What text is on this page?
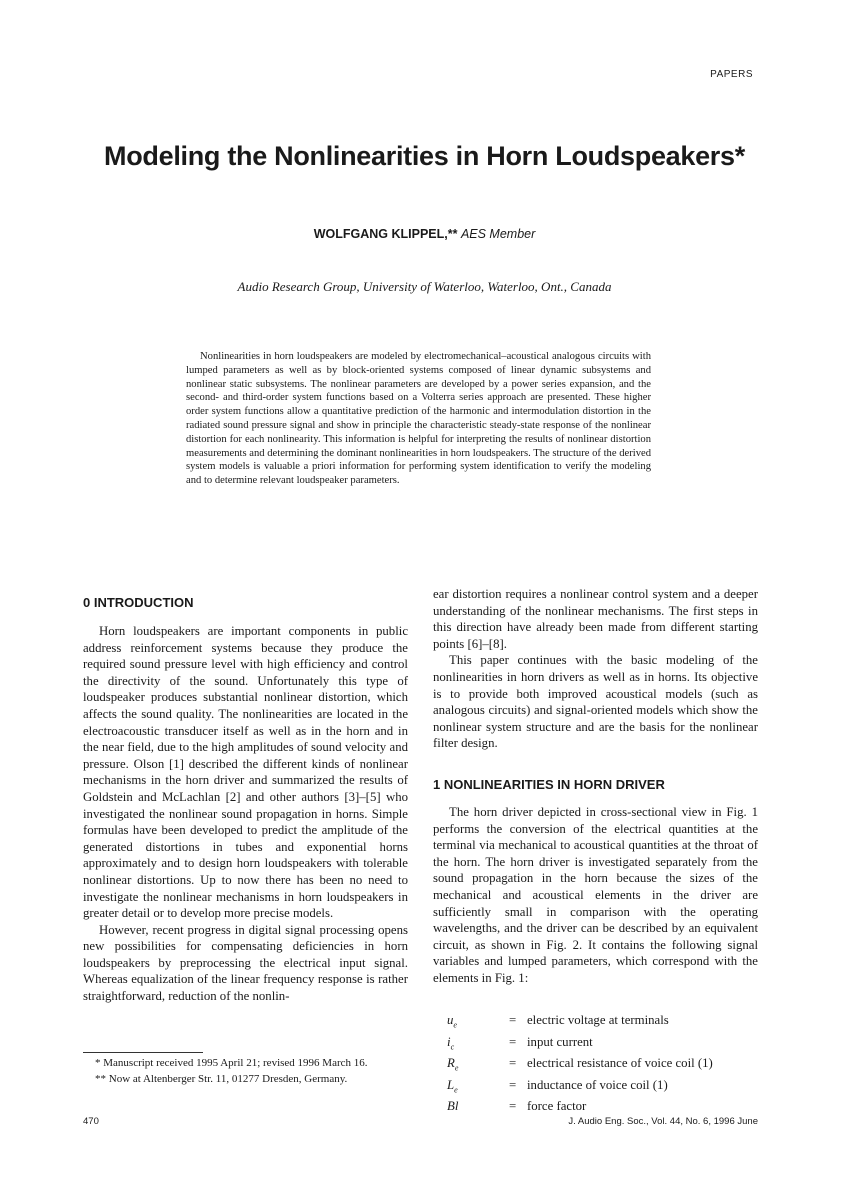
PAPERS
Modeling the Nonlinearities in Horn Loudspeakers*
WOLFGANG KLIPPEL,** AES Member
Audio Research Group, University of Waterloo, Waterloo, Ont., Canada
Nonlinearities in horn loudspeakers are modeled by electromechanical–acoustical analogous circuits with lumped parameters as well as by block-oriented systems composed of linear dynamic subsystems and nonlinear static subsystems. The nonlinear parameters are developed by a power series expansion, and the second- and third-order system functions based on a Volterra series approach are presented. These higher order system functions allow a quantitative prediction of the harmonic and intermodulation distortion in the radiated sound pressure signal and show in principle the characteristic steady-state response of the nonlinear distortion for each nonlinearity. This information is helpful for interpreting the results of nonlinear distortion measurements and determining the dominant nonlinearities in horn loudspeakers. The structure of the derived system models is valuable a priori information for performing system identification to verify the modeling and to determine relevant loudspeaker parameters.
0 INTRODUCTION

Horn loudspeakers are important components in public address reinforcement systems because they produce the required sound pressure level with high efficiency and control the directivity of the sound. Unfortunately this type of loudspeaker produces substantial nonlinear distortion, which affects the sound quality. The nonlinearities are located in the electroacoustic transducer itself as well as in the horn and in the near field, due to the high amplitudes of sound velocity and pressure. Olson [1] described the different kinds of nonlinear mechanisms in the horn driver and summarized the results of Goldstein and McLachlan [2] and other authors [3]–[5] who investigated the nonlinear sound propagation in horns. Simple formulas have been developed to predict the amplitude of the generated distortions in tubes and exponential horns approximately and to design horn loudspeakers with tolerable nonlinear distortions. Up to now there has been no need to investigate the nonlinear mechanisms in horn loudspeakers in greater detail or to develop more precise models.

However, recent progress in digital signal processing opens new possibilities for compensating deficiencies in horn loudspeakers by preprocessing the electrical input signal. Whereas equalization of the linear frequency response is rather straightforward, reduction of the nonlin-

ear distortion requires a nonlinear control system and a deeper understanding of the nonlinear mechanisms. The first steps in this direction have already been made from different starting points [6]–[8].

This paper continues with the basic modeling of the nonlinearities in horn drivers as well as in horns. Its objective is to provide both improved acoustical models (such as analogous circuits) and signal-oriented models which show the nonlinear system structure and are the basis for the nonlinear filter design.

1 NONLINEARITIES IN HORN DRIVER

The horn driver depicted in cross-sectional view in Fig. 1 performs the conversion of the electrical quantities at the terminal via mechanical to acoustical quantities at the throat of the horn. The horn driver is investigated separately from the sound propagation in the horn because the sizes of the mechanical and acoustical elements in the driver are sufficiently small in comparison with the operating wavelengths, and the driver can be described by an equivalent circuit, as shown in Fig. 2. It contains the following signal variables and lumped parameters, which correspond with the elements in Fig. 1:

$u_e$	= electric voltage at terminals
$i_c$	= input current
$R_e$	= electrical resistance of voice coil (1)
$L_e$	= inductance of voice coil (1)
Bl	= force factor

* Manuscript received 1995 April 21; revised 1996 March 16.

** Now at Altenberger Str. 11, 01277 Dresden, Germany.

470	J. Audio Eng. Soc., Vol. 44, No. 6, 1996 June
